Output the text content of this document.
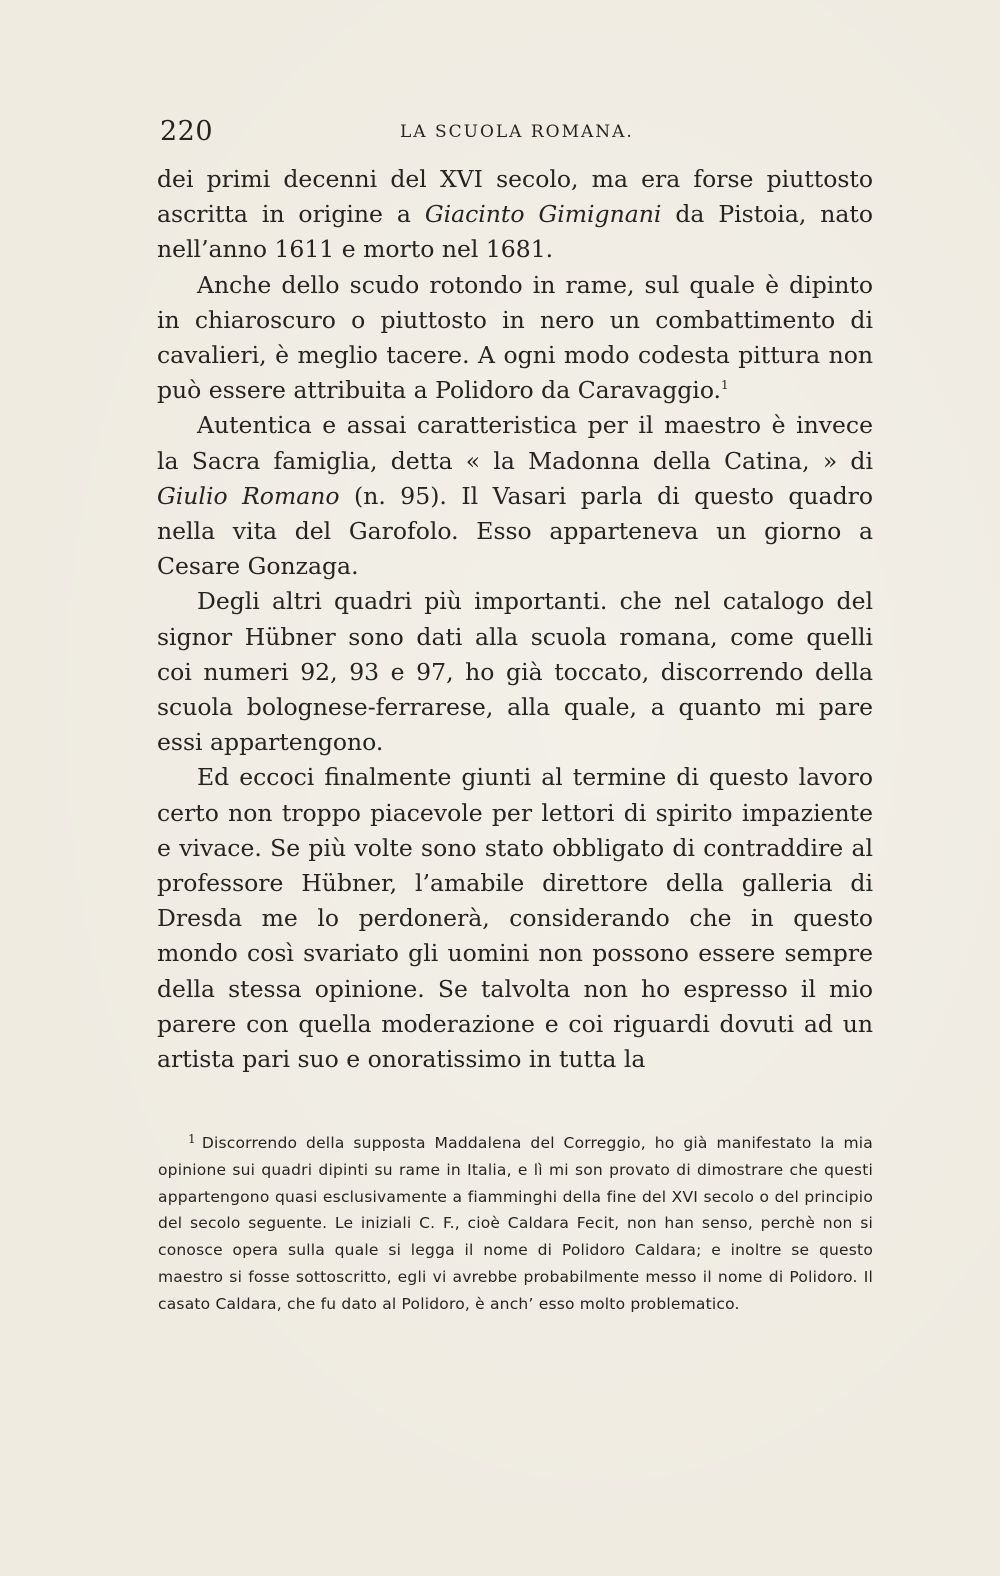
220	LA SCUOLA ROMANA.

dei primi decenni del XVI secolo, ma era forse piuttosto ascritta in origine a Giacinto Gimignani da Pistoia, nato nell’anno 1611 e morto nel 1681.

Anche dello scudo rotondo in rame, sul quale è dipinto in chiaroscuro o piuttosto in nero un combattimento di cavalieri, è meglio tacere. A ogni modo codesta pittura non può essere attribuita a Polidoro da Caravaggio.$^1$

Autentica e assai caratteristica per il maestro è invece la Sacra famiglia, detta « la Madonna della Catina, » di Giulio Romano (n. 95). Il Vasari parla di questo quadro nella vita del Garofolo. Esso apparteneva un giorno a Cesare Gonzaga.

Degli altri quadri più importanti. che nel catalogo del signor Hübner sono dati alla scuola romana, come quelli coi numeri 92, 93 e 97, ho già toccato, discorrendo della scuola bolognese-ferrarese, alla quale, a quanto mi pare essi appartengono.

Ed eccoci finalmente giunti al termine di questo lavoro certo non troppo piacevole per lettori di spirito impaziente e vivace. Se più volte sono stato obbligato di contraddire al professore Hübner, l’amabile direttore della galleria di Dresda me lo perdonerà, considerando che in questo mondo così svariato gli uomini non possono essere sempre della stessa opinione. Se talvolta non ho espresso il mio parere con quella moderazione e coi riguardi dovuti ad un artista pari suo e onoratissimo in tutta la

$^1$ Discorrendo della supposta Maddalena del Correggio, ho già manifestato la mia opinione sui quadri dipinti su rame in Italia, e lì mi son provato di dimostrare che questi appartengono quasi esclusivamente a fiamminghi della fine del XVI secolo o del principio del secolo seguente. Le iniziali C. F., cioè Caldara Fecit, non han senso, perchè non si conosce opera sulla quale si legga il nome di Polidoro Caldara; e inoltre se questo maestro si fosse sottoscritto, egli vi avrebbe probabilmente messo il nome di Polidoro. Il casato Caldara, che fu dato al Polidoro, è anch’ esso molto problematico.
